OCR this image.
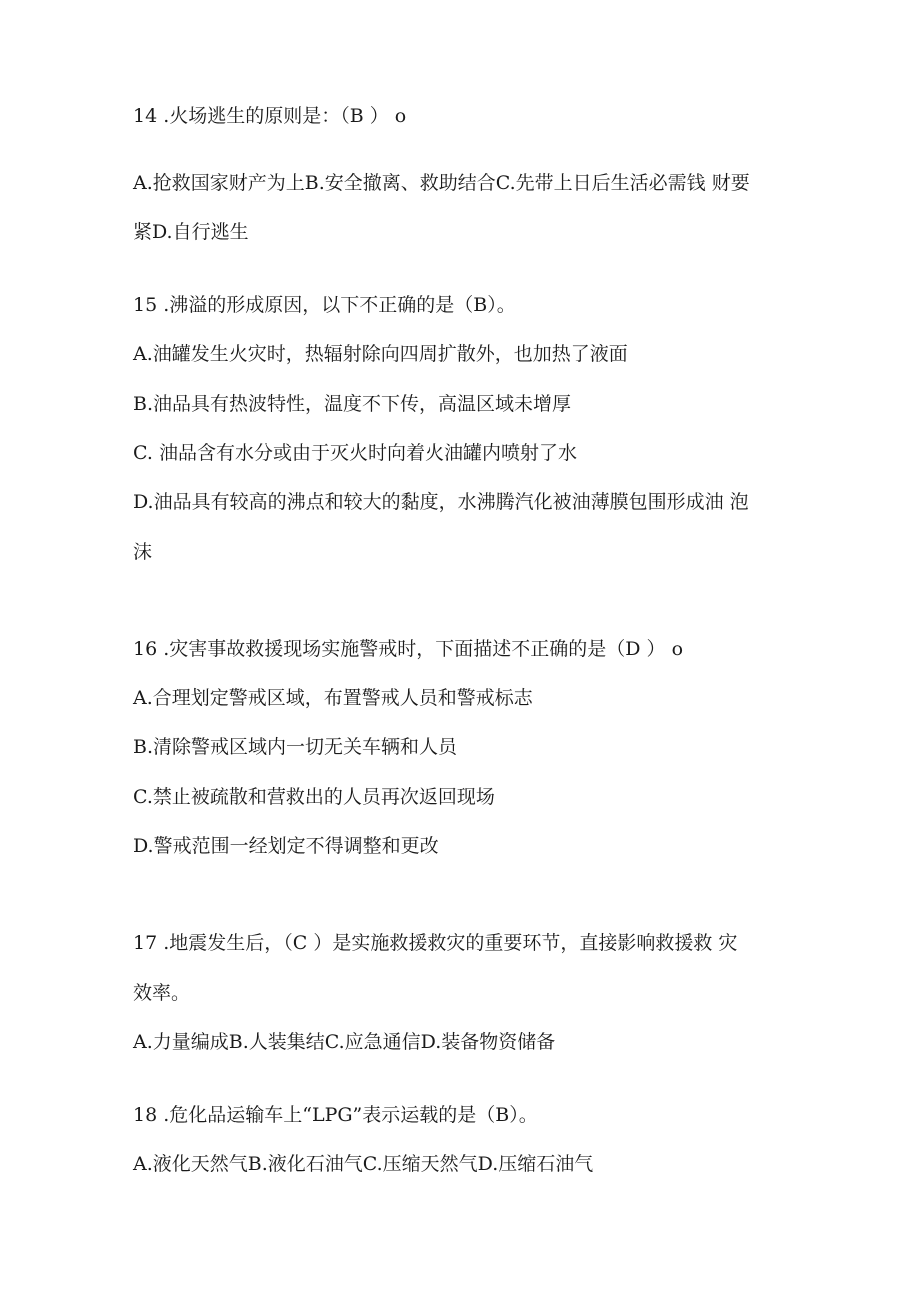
14 .火场逃生的原则是：（B ） o
A.抢救国家财产为上B.安全撤离、救助结合C.先带上日后生活必需钱 财要
紧D.自行逃生
15 .沸溢的形成原因，以下不正确的是（B）。
A.油罐发生火灾时，热辐射除向四周扩散外，也加热了液面
B.油品具有热波特性，温度不下传，高温区域未增厚
C. 油品含有水分或由于灭火时向着火油罐内喷射了水
D.油品具有较高的沸点和较大的黏度，水沸腾汽化被油薄膜包围形成油 泡
沫
16 .灾害事故救援现场实施警戒时，下面描述不正确的是（D ） o
A.合理划定警戒区域，布置警戒人员和警戒标志
B.清除警戒区域内一切无关车辆和人员
C.禁止被疏散和营救出的人员再次返回现场
D.警戒范围一经划定不得调整和更改
17 .地震发生后，（C ）是实施救援救灾的重要环节，直接影响救援救 灾
效率。
A.力量编成B.人装集结C.应急通信D.装备物资储备
18 .危化品运输车上“LPG”表示运载的是（B）。
A.液化天然气B.液化石油气C.压缩天然气D.压缩石油气
